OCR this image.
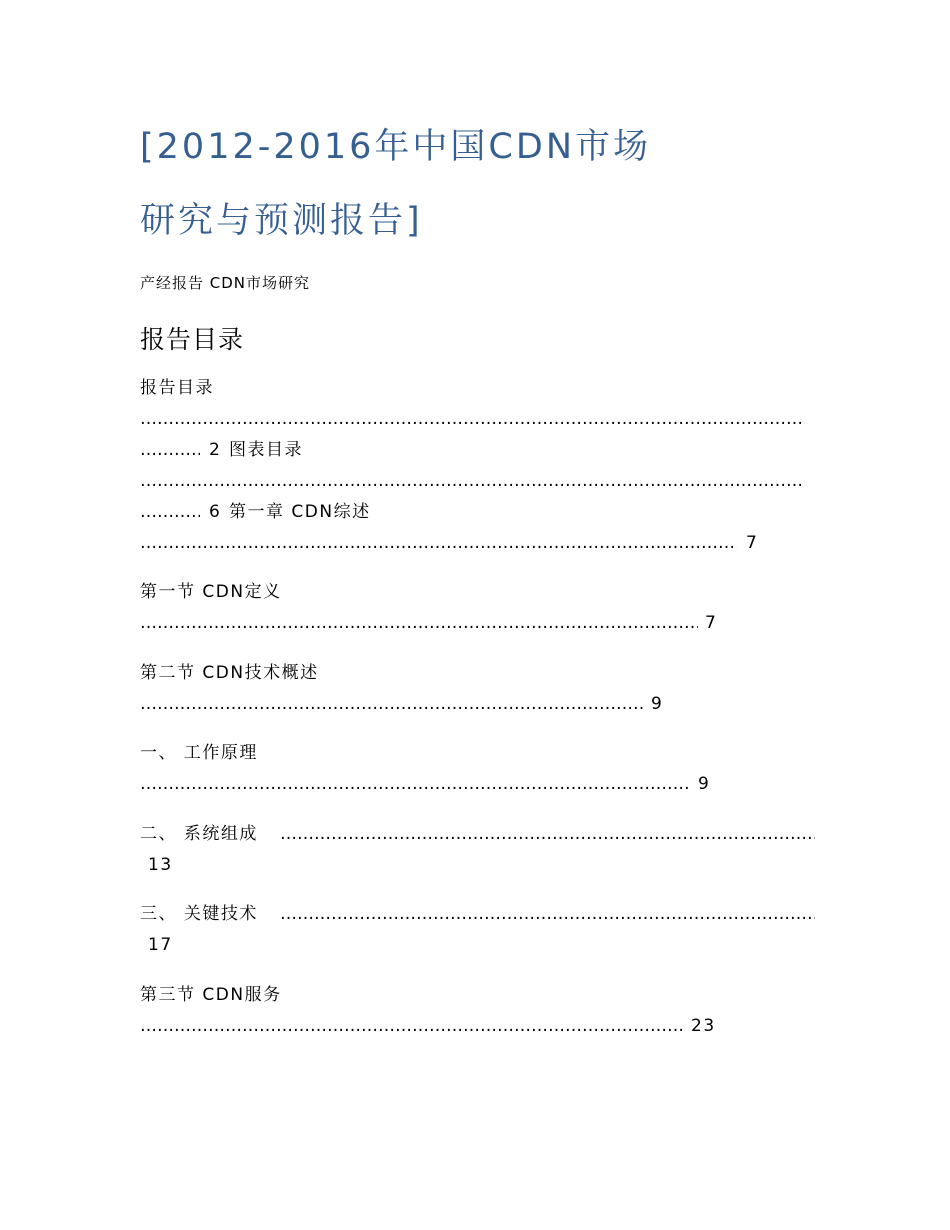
[2012-2016年中国CDN市场
研究与预测报告]
产经报告 CDN市场研究
报告目录
报告目录
…………………………………………………………………………………………………………………………………………………………………………………………………………………
…………………………………………………………………………………………………………………………………………………………………………………………………………………
2 图表目录
…………………………………………………………………………………………………………………………………………………………………………………………………………………
…………………………………………………………………………………………………………………………………………………………………………………………………………………
6 第一章 CDN综述
…………………………………………………………………………………………………………………………………………………………………………………………………………………
7
第一节 CDN定义
…………………………………………………………………………………………………………………………………………………………………………………………………………………
7
第二节 CDN技术概述
…………………………………………………………………………………………………………………………………………………………………………………………………………………
9
一、 工作原理
…………………………………………………………………………………………………………………………………………………………………………………………………………………
9
二、 系统组成
…………………………………………………………………………………………………………………………………………………………………………………………………………………
13
三、 关键技术
…………………………………………………………………………………………………………………………………………………………………………………………………………………
17
第三节 CDN服务
…………………………………………………………………………………………………………………………………………………………………………………………………………………
23
